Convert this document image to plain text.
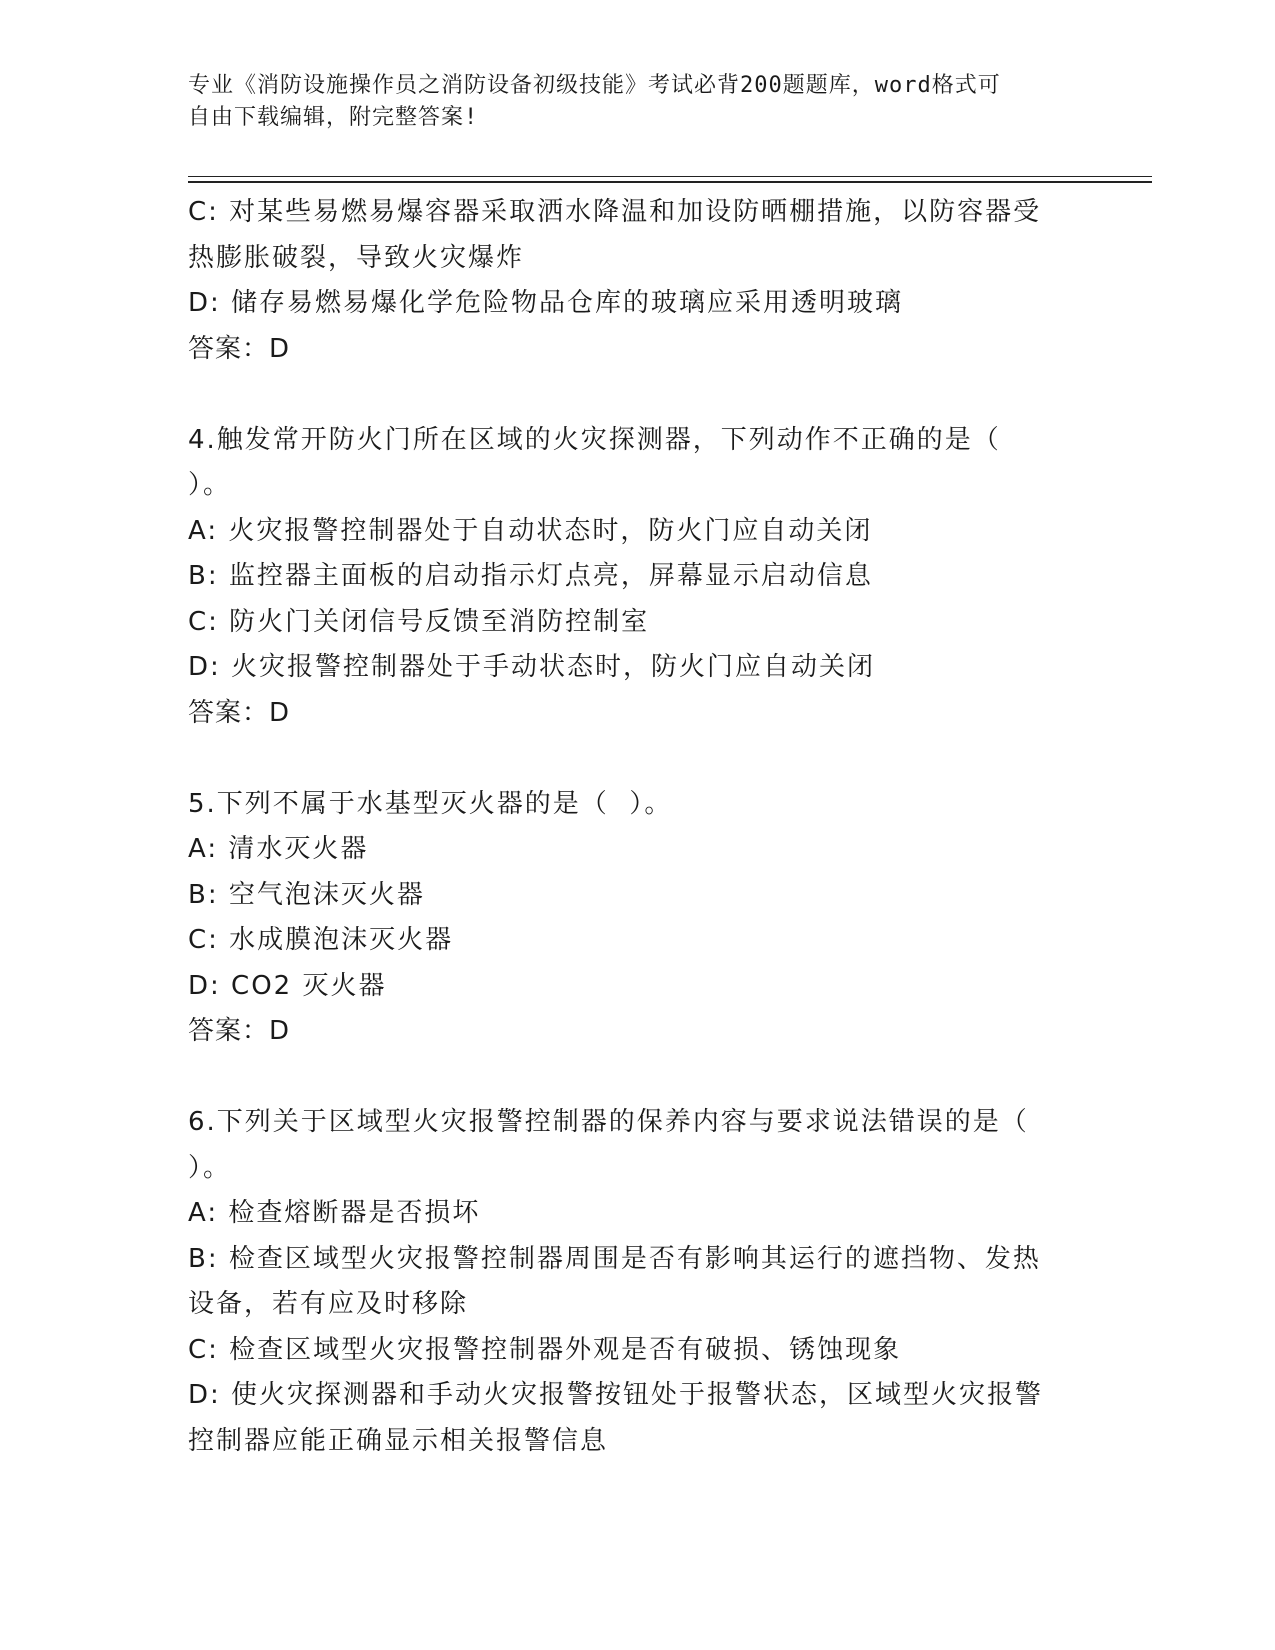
专业《消防设施操作员之消防设备初级技能》考试必背200题题库，word格式可
自由下载编辑，附完整答案!
C: 对某些易燃易爆容器采取洒水降温和加设防晒棚措施，以防容器受
热膨胀破裂，导致火灾爆炸
D: 储存易燃易爆化学危险物品仓库的玻璃应采用透明玻璃
答案：D
4.触发常开防火门所在区域的火灾探测器，下列动作不正确的是（
）。
A: 火灾报警控制器处于自动状态时，防火门应自动关闭
B: 监控器主面板的启动指示灯点亮，屏幕显示启动信息
C: 防火门关闭信号反馈至消防控制室
D: 火灾报警控制器处于手动状态时，防火门应自动关闭
答案：D
5.下列不属于水基型灭火器的是（  ）。
A: 清水灭火器
B: 空气泡沫灭火器
C: 水成膜泡沫灭火器
D: CO2 灭火器
答案：D
6.下列关于区域型火灾报警控制器的保养内容与要求说法错误的是（
）。
A: 检查熔断器是否损坏
B: 检查区域型火灾报警控制器周围是否有影响其运行的遮挡物、发热
设备，若有应及时移除
C: 检查区域型火灾报警控制器外观是否有破损、锈蚀现象
D: 使火灾探测器和手动火灾报警按钮处于报警状态，区域型火灾报警
控制器应能正确显示相关报警信息
